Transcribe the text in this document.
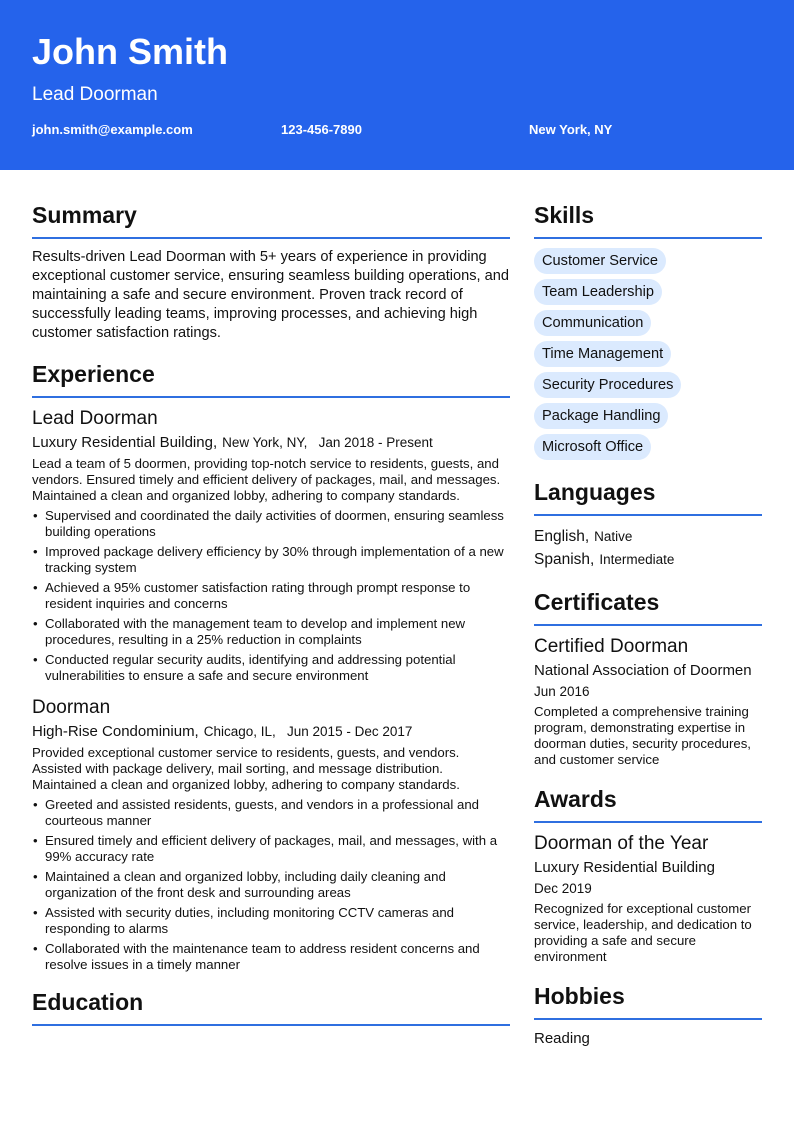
John Smith
Lead Doorman
john.smith@example.com	123-456-7890	New York, NY
Summary

Results-driven Lead Doorman with 5+ years of experience in providing exceptional customer service, ensuring seamless building operations, and maintaining a safe and secure environment. Proven track record of successfully leading teams, improving processes, and achieving high customer satisfaction ratings.

Experience
Lead Doorman
Luxury Residential Building, New York, NY,   Jan 2018 - Present

Lead a team of 5 doormen, providing top-notch service to residents, guests, and vendors. Ensured timely and efficient delivery of packages, mail, and messages. Maintained a clean and organized lobby, adhering to company standards.

• Supervised and coordinated the daily activities of doormen, ensuring seamless building operations
• Improved package delivery efficiency by 30% through implementation of a new tracking system
• Achieved a 95% customer satisfaction rating through prompt response to resident inquiries and concerns
• Collaborated with the management team to develop and implement new procedures, resulting in a 25% reduction in complaints
• Conducted regular security audits, identifying and addressing potential vulnerabilities to ensure a safe and secure environment
Doorman
High-Rise Condominium, Chicago, IL,   Jun 2015 - Dec 2017

Provided exceptional customer service to residents, guests, and vendors. Assisted with package delivery, mail sorting, and message distribution. Maintained a clean and organized lobby, adhering to company standards.

• Greeted and assisted residents, guests, and vendors in a professional and courteous manner
• Ensured timely and efficient delivery of packages, mail, and messages, with a 99% accuracy rate
• Maintained a clean and organized lobby, including daily cleaning and organization of the front desk and surrounding areas
• Assisted with security duties, including monitoring CCTV cameras and responding to alarms
• Collaborated with the maintenance team to address resident concerns and resolve issues in a timely manner
Education
Skills
Customer Service
Team Leadership
Communication
Time Management
Security Procedures
Package Handling
Microsoft Office
Languages
English, Native
Spanish, Intermediate
Certificates
Certified Doorman
National Association of Doormen
Jun 2016

Completed a comprehensive training program, demonstrating expertise in doorman duties, security procedures, and customer service

Awards
Doorman of the Year
Luxury Residential Building
Dec 2019

Recognized for exceptional customer service, leadership, and dedication to providing a safe and secure environment

Hobbies
Reading
